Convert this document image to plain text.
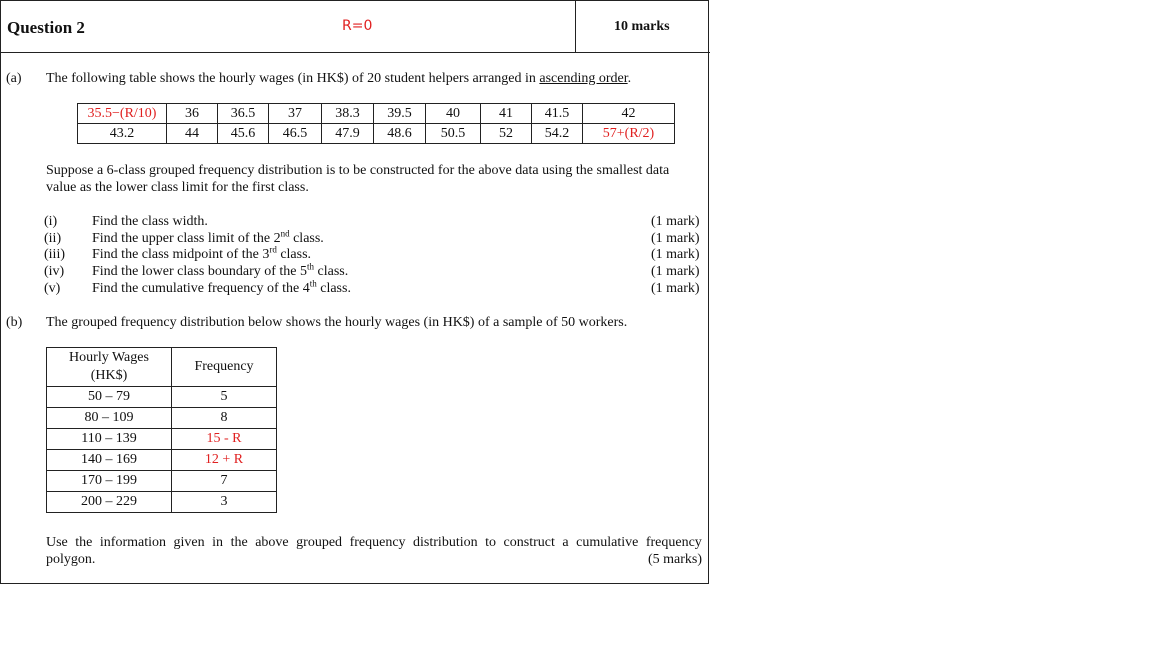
Question 2	R=0	10 marks
(a) The following table shows the hourly wages (in HK$) of 20 student helpers arranged in ascending order.
35.5−(R/10)	36	36.5	37	38.3	39.5	40	41	41.5	42
43.2	44	45.6	46.5	47.9	48.6	50.5	52	54.2	57+(R/2)
Suppose a 6-class grouped frequency distribution is to be constructed for the above data using the smallest data
value as the lower class limit for the first class.
(i) Find the class width.	(1 mark)
(ii) Find the upper class limit of the 2nd class.	(1 mark)
(iii) Find the class midpoint of the 3rd class.	(1 mark)
(iv) Find the lower class boundary of the 5th class.	(1 mark)
(v) Find the cumulative frequency of the 4th class.	(1 mark)
(b) The grouped frequency distribution below shows the hourly wages (in HK$) of a sample of 50 workers.
Hourly Wages
(HK$)	Frequency
50 – 79	5
80 – 109	8
110 – 139	15 - R
140 – 169	12 + R
170 – 199	7
200 – 229	3
Use the information given in the above grouped frequency distribution to construct a cumulative frequency
polygon.	(5 marks)
